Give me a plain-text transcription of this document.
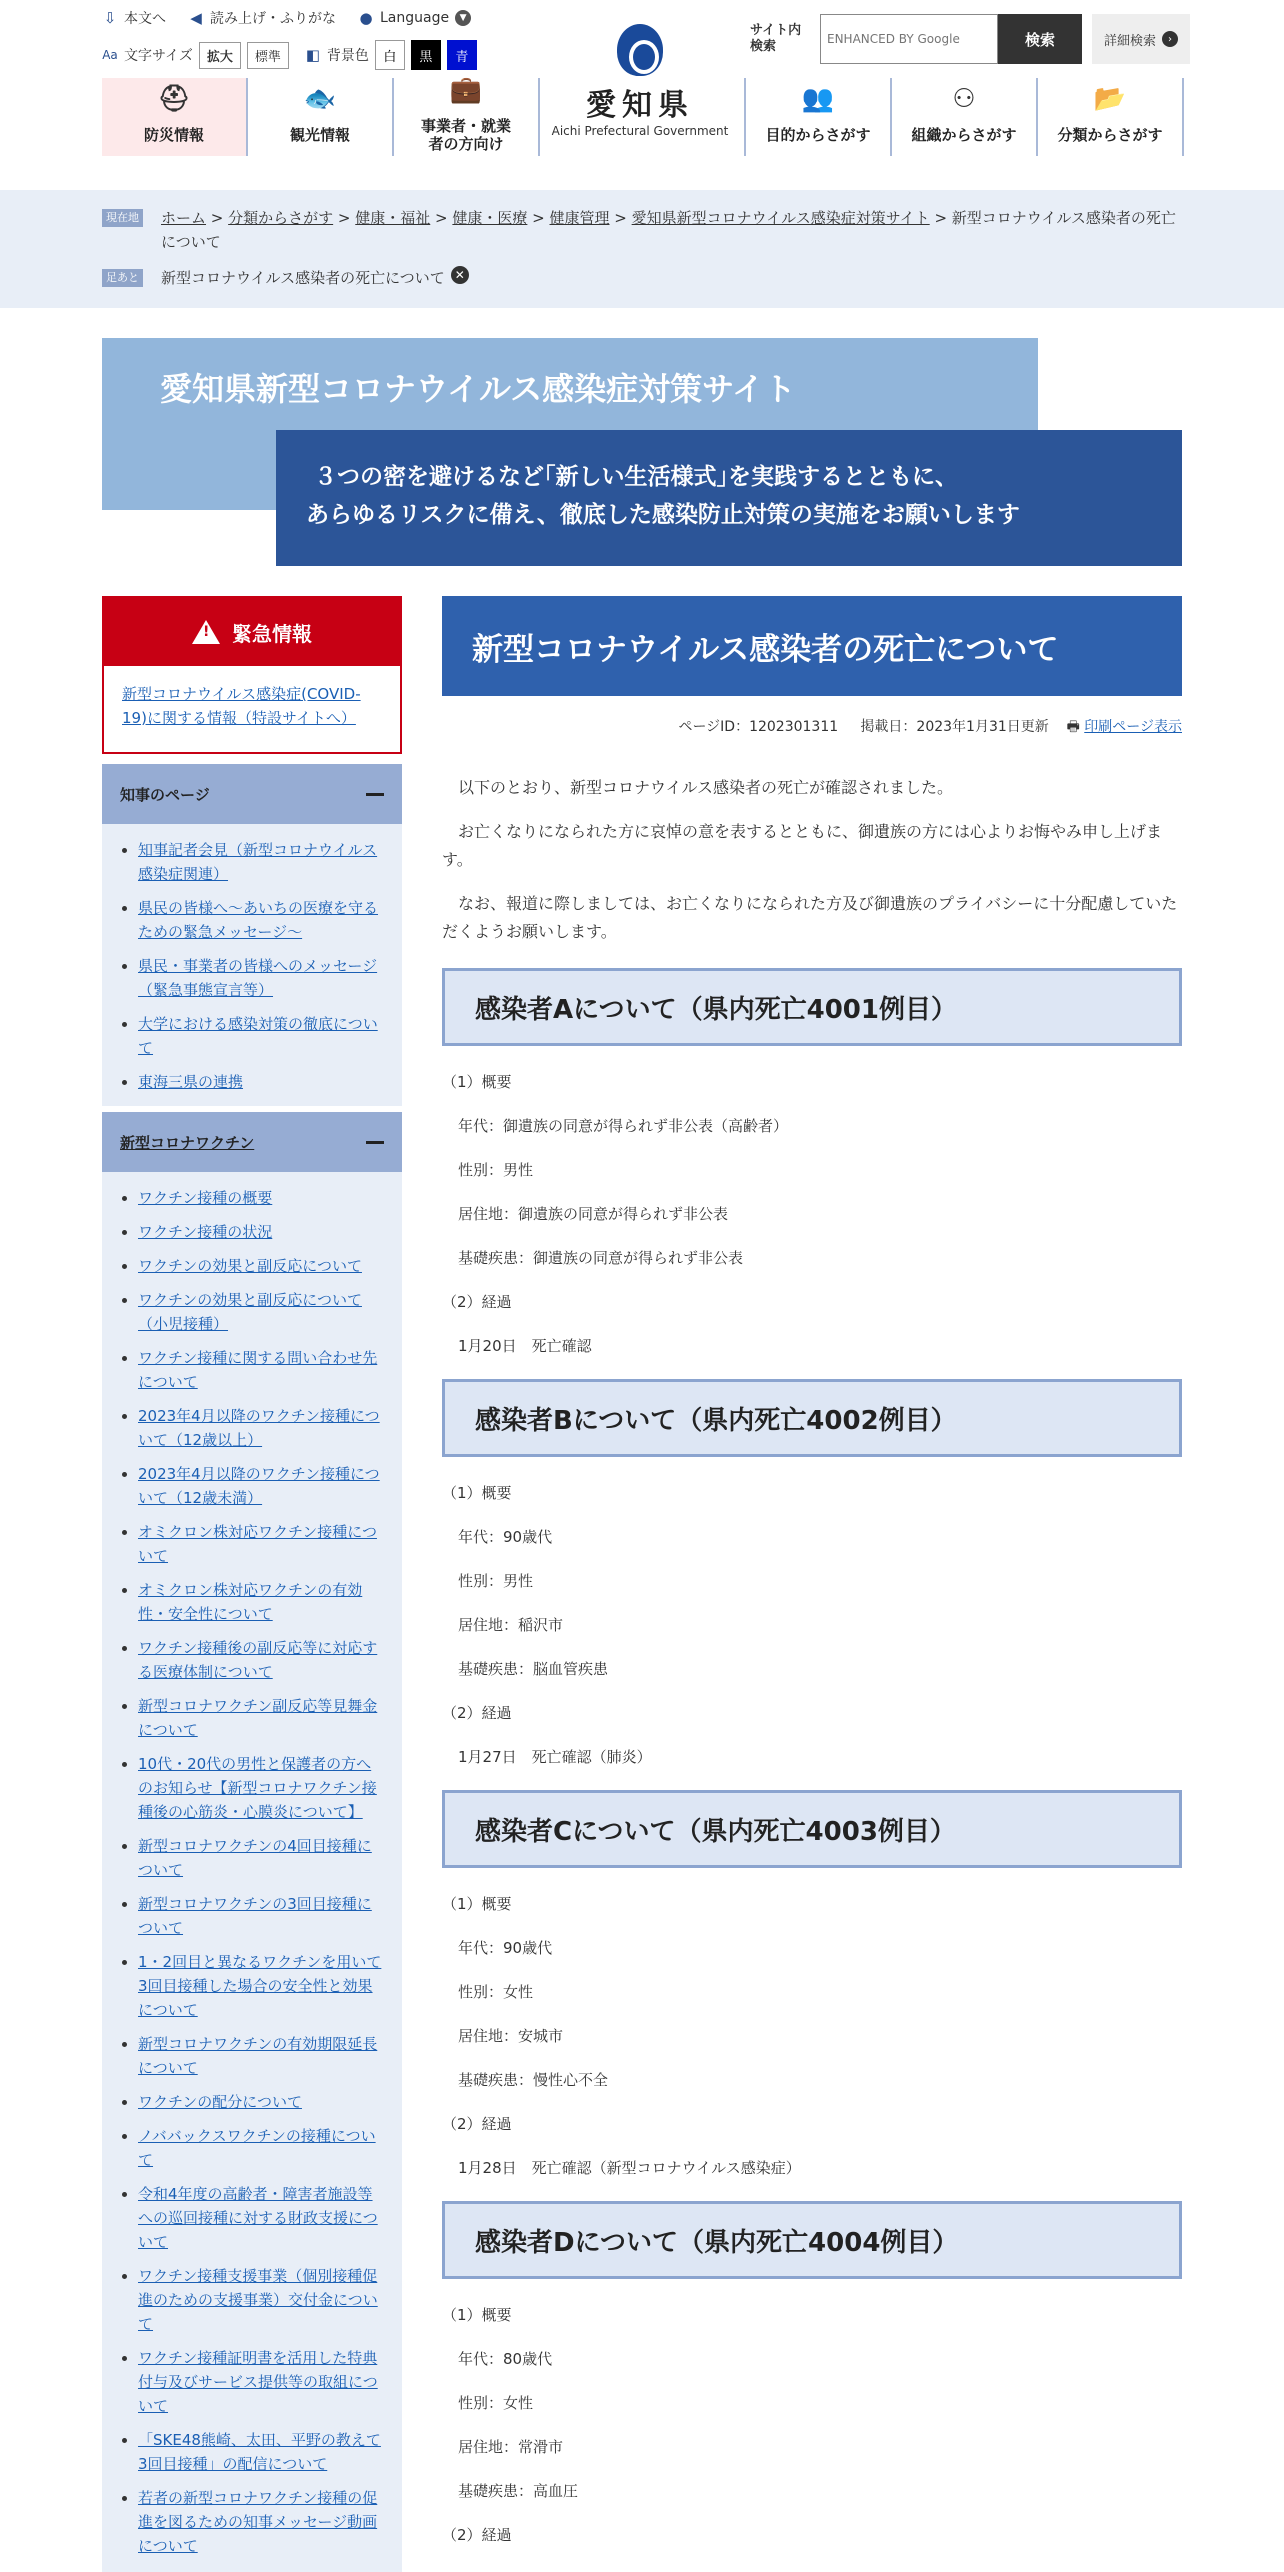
⇩ 本文へ ◀ 読み上げ・ふりがな ● Language	▼
Aa 文字サイズ	拡大	標準	◧ 背景色	白	黒	青
愛知県
Aichi Prefectural Government
サイト内検索
ENHANCED BY Google	検索	詳細検索	›
⛑
防災情報
🐟
観光情報
💼
事業者・就業者の方向け
👥
目的からさがす
⚇
組織からさがす
📂
分類からさがす
現在地 ホーム > 分類からさがす > 健康・福祉 > 健康・医療 > 健康管理 > 愛知県新型コロナウイルス感染症対策サイト > 新型コロナウイルス感染者の死亡について
足あと 新型コロナウイルス感染者の死亡について ✕
愛知県新型コロナウイルス感染症対策サイト
３つの密を避けるなど｢新しい生活様式｣を実践するとともに、
あらゆるリスクに備え、徹底した感染防止対策の実施をお願いします
!
緊急情報
新型コロナウイルス感染症(COVID-19)に関する情報（特設サイトへ）
知事のページ
知事記者会見（新型コロナウイルス感染症関連）
県民の皆様へ～あいちの医療を守るための緊急メッセージ～
県民・事業者の皆様へのメッセージ（緊急事態宣言等）
大学における感染対策の徹底について
東海三県の連携
新型コロナワクチン
ワクチン接種の概要
ワクチン接種の状況
ワクチンの効果と副反応について
ワクチンの効果と副反応について（小児接種）
ワクチン接種に関する問い合わせ先について
2023年4月以降のワクチン接種について（12歳以上）
2023年4月以降のワクチン接種について（12歳未満）
オミクロン株対応ワクチン接種について
オミクロン株対応ワクチンの有効性・安全性について
ワクチン接種後の副反応等に対応する医療体制について
新型コロナワクチン副反応等見舞金について
10代・20代の男性と保護者の方へのお知らせ【新型コロナワクチン接種後の心筋炎・心膜炎について】
新型コロナワクチンの4回目接種について
新型コロナワクチンの3回目接種について
1・2回目と異なるワクチンを用いて3回目接種した場合の安全性と効果について
新型コロナワクチンの有効期限延長について
ワクチンの配分について
ノババックスワクチンの接種について
令和4年度の高齢者・障害者施設等への巡回接種に対する財政支援について
ワクチン接種支援事業（個別接種促進のための支援事業）交付金について
ワクチン接種証明書を活用した特典付与及びサービス提供等の取組について
「SKE48熊崎、太田、平野の教えて3回目接種」の配信について
若者の新型コロナワクチン接種の促進を図るための知事メッセージ動画について
新型コロナウイルス感染者の死亡について
ページID：1202301311 掲載日：2023年1月31日更新 🖶 印刷ページ表示

以下のとおり、新型コロナウイルス感染者の死亡が確認されました。

お亡くなりになられた方に哀悼の意を表するとともに、御遺族の方には心よりお悔やみ申し上げます。

なお、報道に際しましては、お亡くなりになられた方及び御遺族のプライバシーに十分配慮していただくようお願いします。

感染者Aについて（県内死亡4001例目）
（1）概要
年代：御遺族の同意が得られず非公表（高齢者）
性別：男性
居住地：御遺族の同意が得られず非公表
基礎疾患：御遺族の同意が得られず非公表
（2）経過
1月20日　死亡確認
感染者Bについて（県内死亡4002例目）
（1）概要
年代：90歳代
性別：男性
居住地：稲沢市
基礎疾患：脳血管疾患
（2）経過
1月27日　死亡確認（肺炎）
感染者Cについて（県内死亡4003例目）
（1）概要
年代：90歳代
性別：女性
居住地：安城市
基礎疾患：慢性心不全
（2）経過
1月28日　死亡確認（新型コロナウイルス感染症）
感染者Dについて（県内死亡4004例目）
（1）概要
年代：80歳代
性別：女性
居住地：常滑市
基礎疾患：高血圧
（2）経過
